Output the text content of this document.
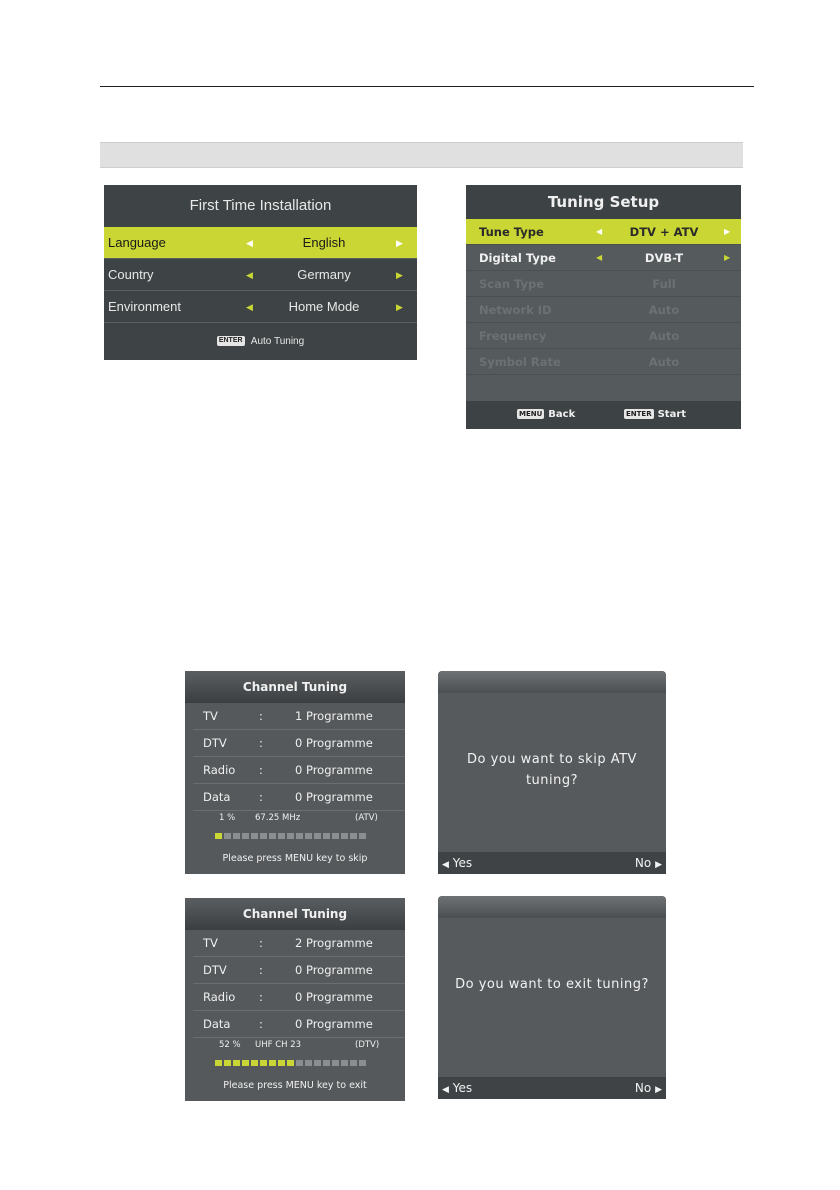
First Time Installation
Language	◀	English	▶
Country	◀	Germany	▶
Environment	◀	Home Mode	▶
ENTER Auto Tuning
Tuning Setup
Tune Type	◀	DTV + ATV	▶
Digital Type	◀	DVB-T	▶
Scan Type	Full
Network ID	Auto
Frequency	Auto
Symbol Rate	Auto
MENU Back	ENTER Start
Channel Tuning
TV	:	1 Programme
DTV	:	0 Programme
Radio :	0 Programme
Data :	0 Programme
1 % 67.25 MHz	(ATV)
Please press MENU key to skip
Do you want to skip ATV
tuning?
◀ Yes	No ▶
Channel Tuning
TV	:	2 Programme
DTV	:	0 Programme
Radio :	0 Programme
Data :	0 Programme
52 % UHF CH 23	(DTV)
Please press MENU key to exit
Do you want to exit tuning?
◀ Yes	No ▶
